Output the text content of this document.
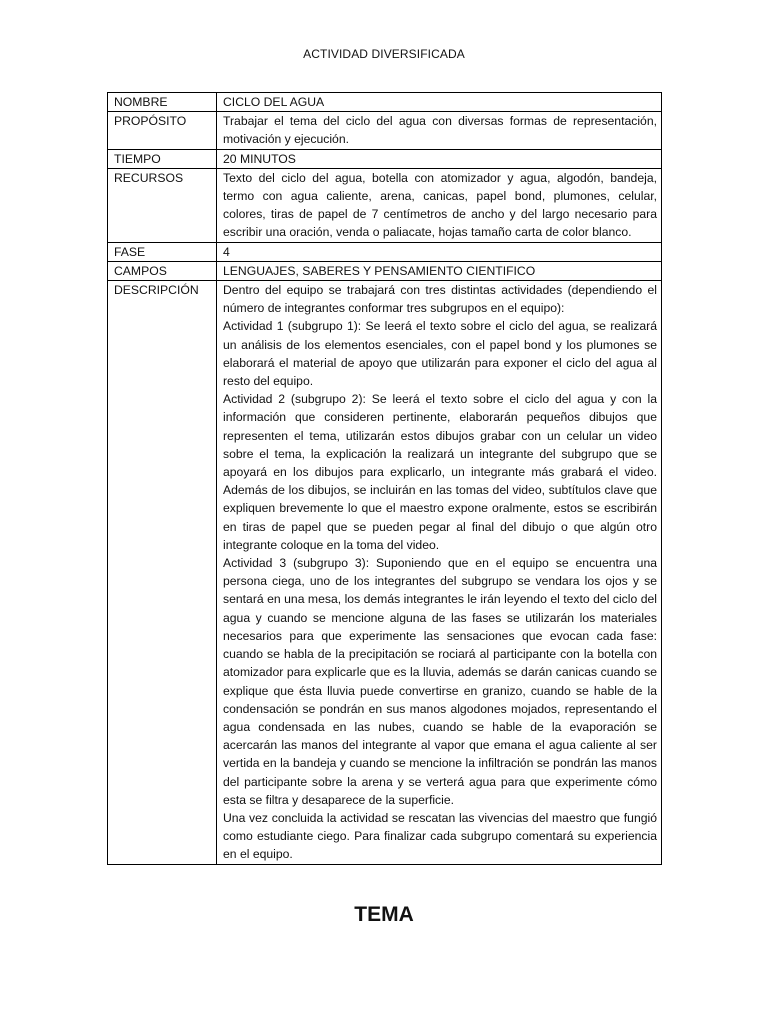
ACTIVIDAD DIVERSIFICADA
NOMBRE	CICLO DEL AGUA

PROPÓSITO	Trabajar el tema del ciclo del agua con diversas formas de representación, motivación y ejecución.

TIEMPO	20 MINUTOS

RECURSOS	Texto del ciclo del agua, botella con atomizador y agua, algodón, bandeja, termo con agua caliente, arena, canicas, papel bond, plumones, celular, colores, tiras de papel de 7 centímetros de ancho y del largo necesario para escribir una oración, venda o paliacate, hojas tamaño carta de color blanco.

FASE	4

CAMPOS	LENGUAJES, SABERES Y PENSAMIENTO CIENTIFICO

DESCRIPCIÓN	Dentro del equipo se trabajará con tres distintas actividades (dependiendo el número de integrantes conformar tres subgrupos en el equipo):
Actividad 1 (subgrupo 1): Se leerá el texto sobre el ciclo del agua, se realizará un análisis de los elementos esenciales, con el papel bond y los plumones se elaborará el material de apoyo que utilizarán para exponer el ciclo del agua al resto del equipo.
Actividad 2 (subgrupo 2): Se leerá el texto sobre el ciclo del agua y con la información que consideren pertinente, elaborarán pequeños dibujos que representen el tema, utilizarán estos dibujos grabar con un celular un video sobre el tema, la explicación la realizará un integrante del subgrupo que se apoyará en los dibujos para explicarlo, un integrante más grabará el video. Además de los dibujos, se incluirán en las tomas del video, subtítulos clave que expliquen brevemente lo que el maestro expone oralmente, estos se escribirán en tiras de papel que se pueden pegar al final del dibujo o que algún otro integrante coloque en la toma del video.
Actividad 3 (subgrupo 3): Suponiendo que en el equipo se encuentra una persona ciega, uno de los integrantes del subgrupo se vendara los ojos y se sentará en una mesa, los demás integrantes le irán leyendo el texto del ciclo del agua y cuando se mencione alguna de las fases se utilizarán los materiales necesarios para que experimente las sensaciones que evocan cada fase: cuando se habla de la precipitación se rociará al participante con la botella con atomizador para explicarle que es la lluvia, además se darán canicas cuando se explique que ésta lluvia puede convertirse en granizo, cuando se hable de la condensación se pondrán en sus manos algodones mojados, representando el agua condensada en las nubes, cuando se hable de la evaporación se acercarán las manos del integrante al vapor que emana el agua caliente al ser vertida en la bandeja y cuando se mencione la infiltración se pondrán las manos del participante sobre la arena y se verterá agua para que experimente cómo esta se filtra y desaparece de la superficie.
Una vez concluida la actividad se rescatan las vivencias del maestro que fungió como estudiante ciego. Para finalizar cada subgrupo comentará su experiencia en el equipo.
TEMA
